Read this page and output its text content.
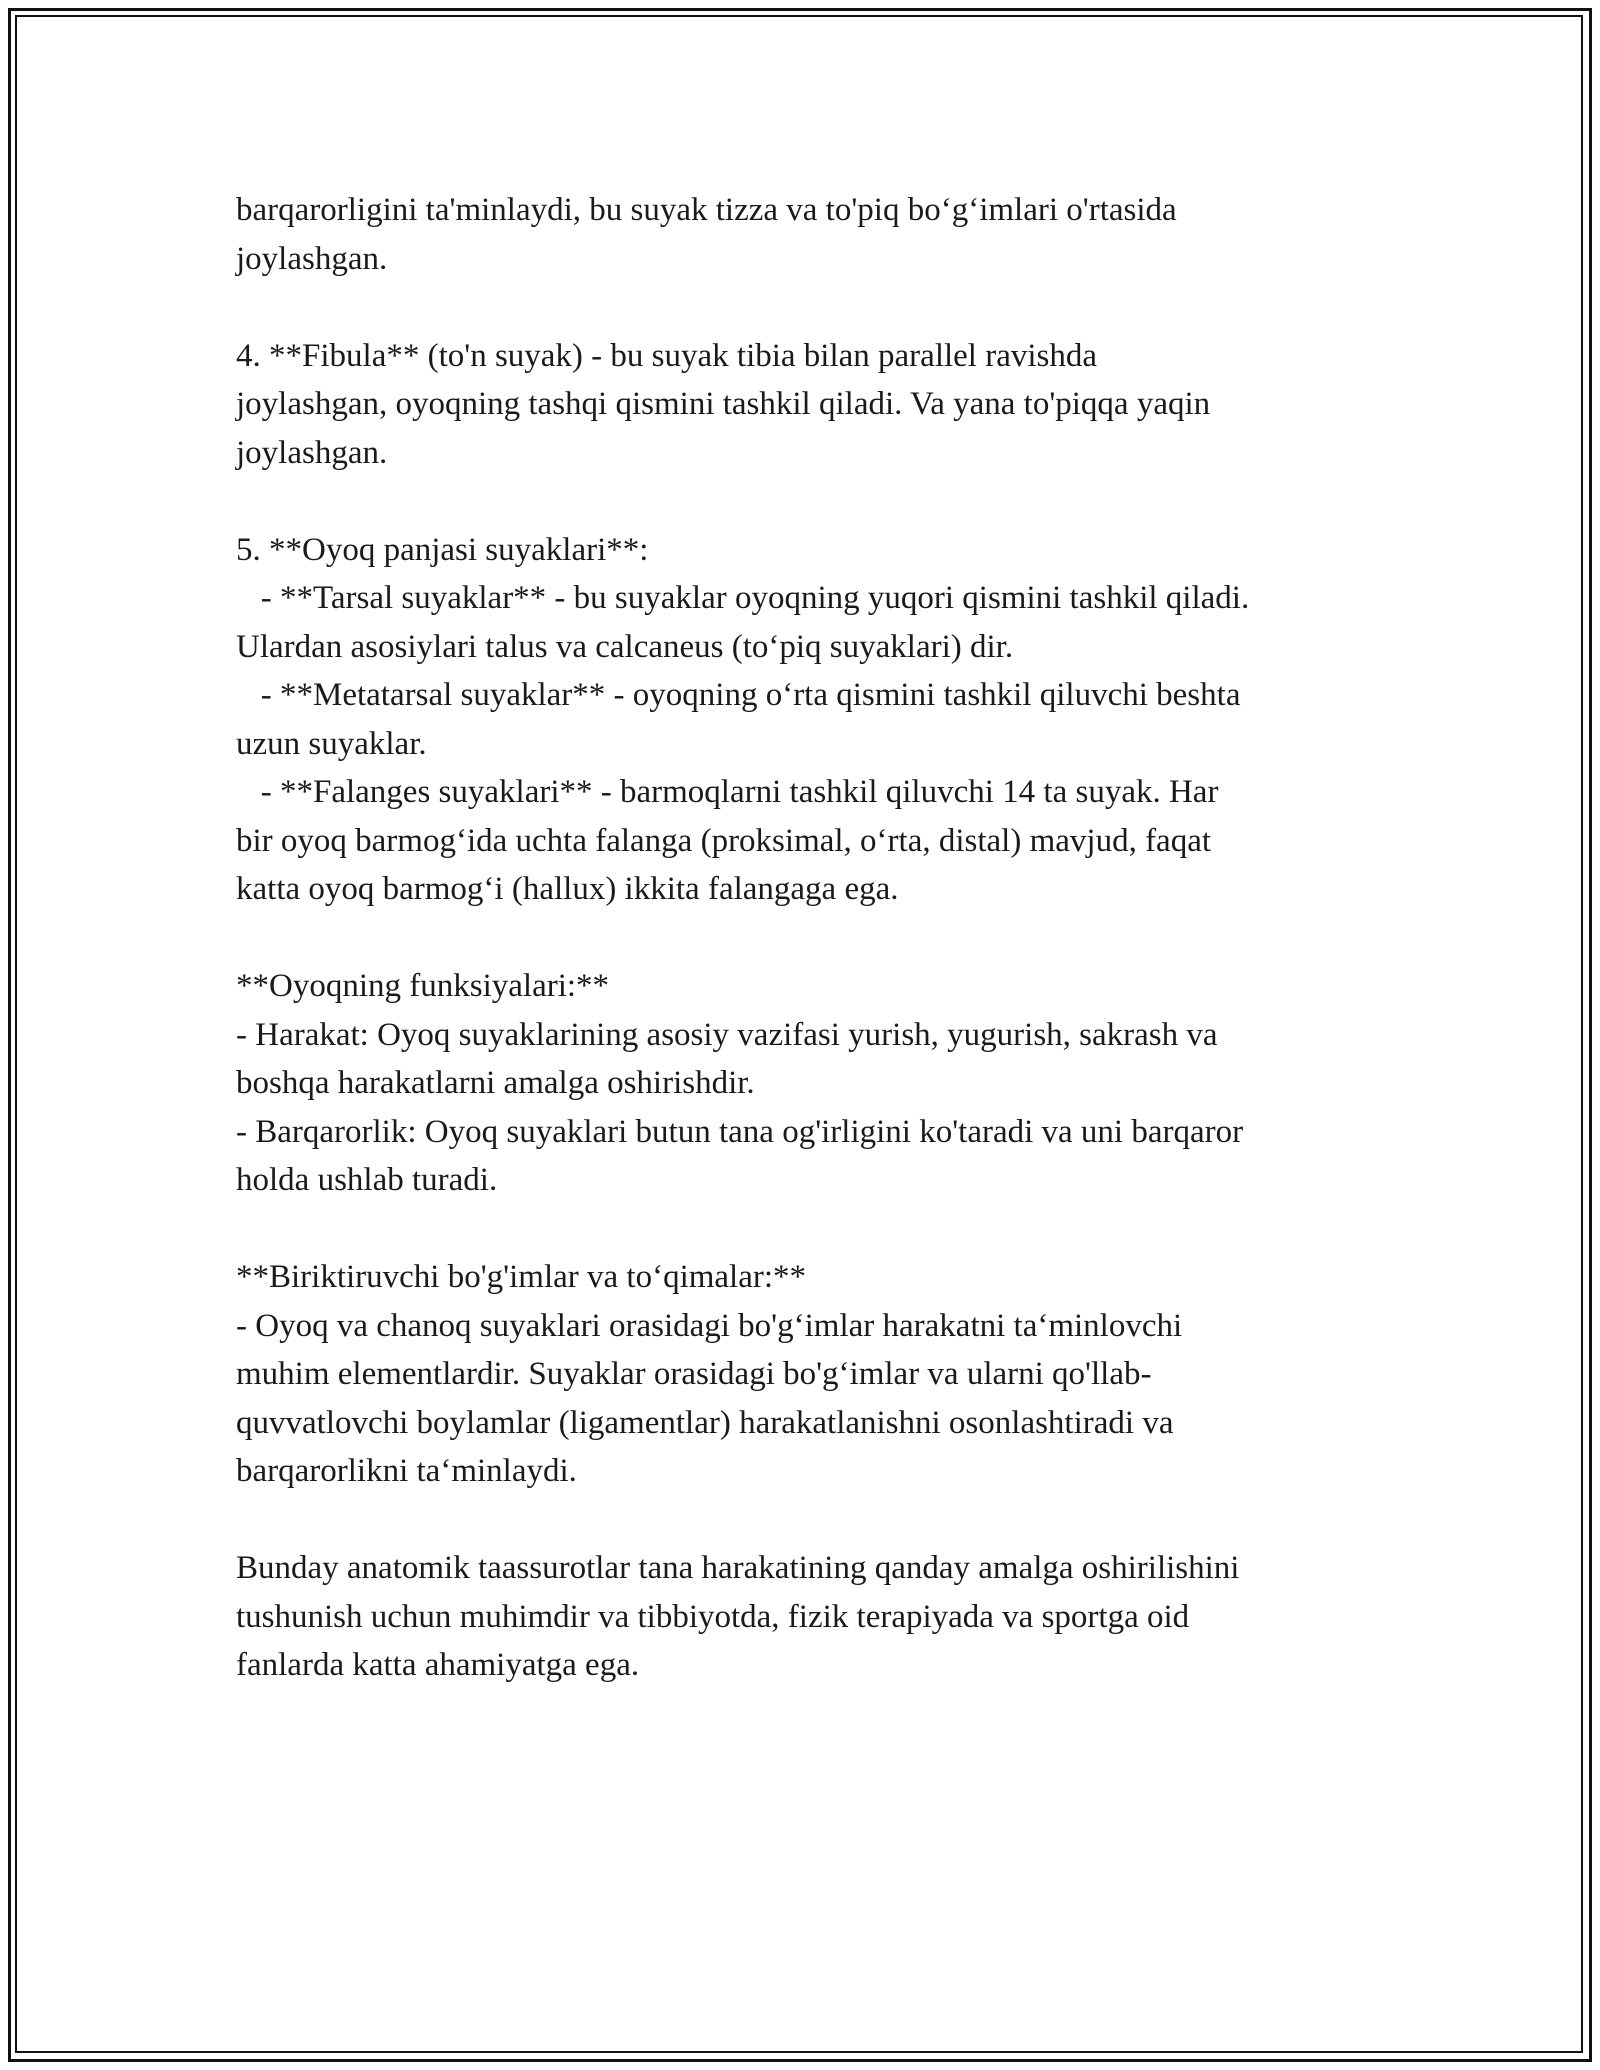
barqarorligini ta'minlaydi, bu suyak tizza va to'piq bo‘g‘imlari o'rtasida
joylashgan.
4. **Fibula** (to'n suyak) - bu suyak tibia bilan parallel ravishda
joylashgan, oyoqning tashqi qismini tashkil qiladi. Va yana to'piqqa yaqin
joylashgan.
5. **Oyoq panjasi suyaklari**:
- **Tarsal suyaklar** - bu suyaklar oyoqning yuqori qismini tashkil qiladi.
Ulardan asosiylari talus va calcaneus (to‘piq suyaklari) dir.
- **Metatarsal suyaklar** - oyoqning o‘rta qismini tashkil qiluvchi beshta
uzun suyaklar.
- **Falanges suyaklari** - barmoqlarni tashkil qiluvchi 14 ta suyak. Har
bir oyoq barmog‘ida uchta falanga (proksimal, o‘rta, distal) mavjud, faqat
katta oyoq barmog‘i (hallux) ikkita falangaga ega.
**Oyoqning funksiyalari:**
- Harakat: Oyoq suyaklarining asosiy vazifasi yurish, yugurish, sakrash va
boshqa harakatlarni amalga oshirishdir.
- Barqarorlik: Oyoq suyaklari butun tana og'irligini ko'taradi va uni barqaror
holda ushlab turadi.
**Biriktiruvchi bo'g'imlar va to‘qimalar:**
- Oyoq va chanoq suyaklari orasidagi bo'g‘imlar harakatni ta‘minlovchi
muhim elementlardir. Suyaklar orasidagi bo'g‘imlar va ularni qo'llab-
quvvatlovchi boylamlar (ligamentlar) harakatlanishni osonlashtiradi va
barqarorlikni ta‘minlaydi.
Bunday anatomik taassurotlar tana harakatining qanday amalga oshirilishini
tushunish uchun muhimdir va tibbiyotda, fizik terapiyada va sportga oid
fanlarda katta ahamiyatga ega.
